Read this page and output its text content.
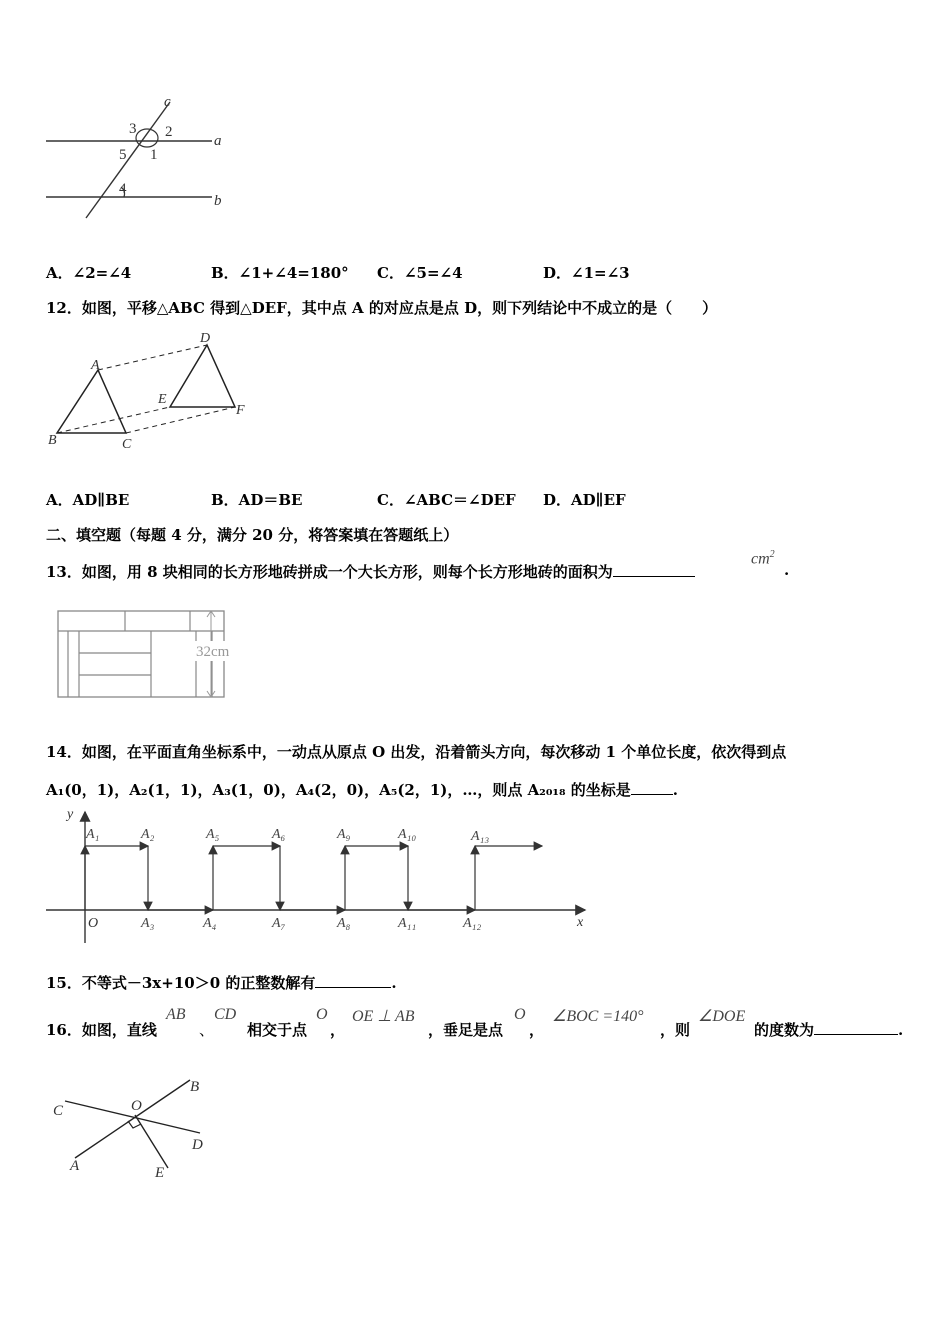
c
a
b
3 2
5 1
4
A．∠2=∠4	B．∠1+∠4=180° C．∠5=∠4	D．∠1=∠3
12．如图，平移△ABC 得到△DEF，其中点 A 的对应点是点 D，则下列结论中不成立的是（　　）
A
B	C
D
E
F
A．AD∥BE	B．AD＝BE	C．∠ABC＝∠DEF D．AD∥EF
二、填空题（每题 4 分，满分 20 分，将答案填在答题纸上）
13．如图，用 8 块相同的长方形地砖拼成一个大长方形，则每个长方形地砖的面积为
$cm^2$
.
32cm
14．如图，在平面直角坐标系中，一动点从原点 O 出发，沿着箭头方向，每次移动 1 个单位长度，依次得到点
A₁(0，1)，A₂(1，1)，A₃(1，0)，A₄(2，0)，A₅(2，1)，…，则点 A₂₀₁₈ 的坐标是	.
y
x
O
A₁	A₂	A₅	A₆	A₉	A₁₀	A₁₃
A₃	A₄	A₇	A₈	A₁₁	A₁₂
15．不等式－3x+10＞0 的正整数解有	.
16．如图，直线
AB
、
CD
相交于点
O
，
OE ⊥ AB
，垂足是点
O
，
∠BOC =140°
，则
∠DOE
的度数为	.
C	O
B
D
A	E
